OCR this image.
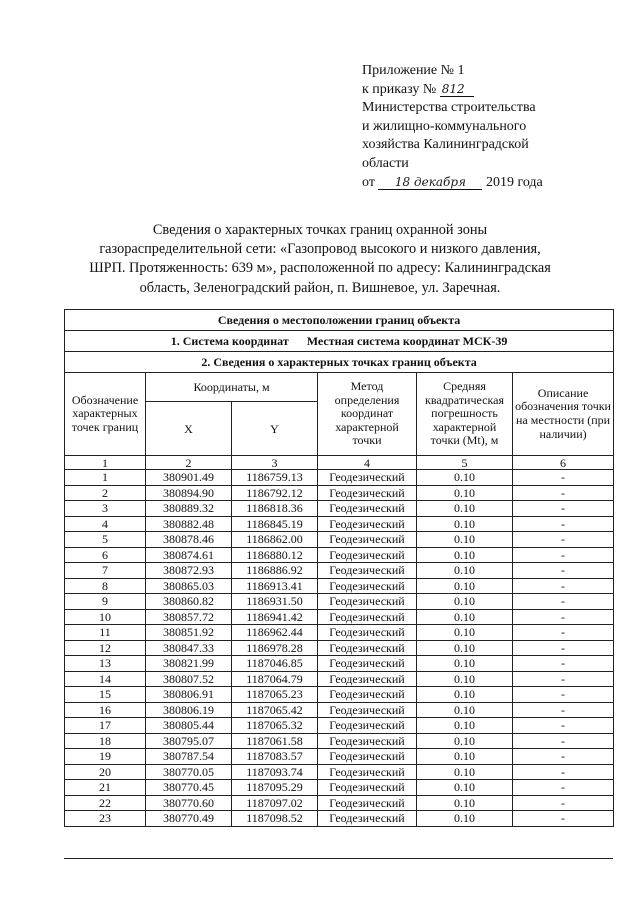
Приложение № 1
к приказу № 812
Министерства строительства
и жилищно-коммунального
хозяйства Калининградской
области
от 18 декабря 2019 года
Сведения о характерных точках границ охранной зоны
газораспределительной сети: «Газопровод высокого и низкого давления,
ШРП. Протяженность: 639 м», расположенной по адресу: Калининградская
область, Зеленоградский район, п. Вишневое, ул. Заречная.
Сведения о местоположении границ объекта					
1. Система координат Местная система координат МСК-39					
2. Сведения о характерных точках границ объекта					
Обозначение характерных точек границ	Координаты, м		Метод определения координат характерной точки	Средняя квадратическая погрешность характерной точки (Mt), м	Описание обозначения точки на местности (при наличии)
	X	Y			
1	2	3	4	5	6
1	380901.49	1186759.13	Геодезический	0.10	-
2	380894.90	1186792.12	Геодезический	0.10	-
3	380889.32	1186818.36	Геодезический	0.10	-
4	380882.48	1186845.19	Геодезический	0.10	-
5	380878.46	1186862.00	Геодезический	0.10	-
6	380874.61	1186880.12	Геодезический	0.10	-
7	380872.93	1186886.92	Геодезический	0.10	-
8	380865.03	1186913.41	Геодезический	0.10	-
9	380860.82	1186931.50	Геодезический	0.10	-
10	380857.72	1186941.42	Геодезический	0.10	-
11	380851.92	1186962.44	Геодезический	0.10	-
12	380847.33	1186978.28	Геодезический	0.10	-
13	380821.99	1187046.85	Геодезический	0.10	-
14	380807.52	1187064.79	Геодезический	0.10	-
15	380806.91	1187065.23	Геодезический	0.10	-
16	380806.19	1187065.42	Геодезический	0.10	-
17	380805.44	1187065.32	Геодезический	0.10	-
18	380795.07	1187061.58	Геодезический	0.10	-
19	380787.54	1187083.57	Геодезический	0.10	-
20	380770.05	1187093.74	Геодезический	0.10	-
21	380770.45	1187095.29	Геодезический	0.10	-
22	380770.60	1187097.02	Геодезический	0.10	-
23	380770.49	1187098.52	Геодезический	0.10	-
